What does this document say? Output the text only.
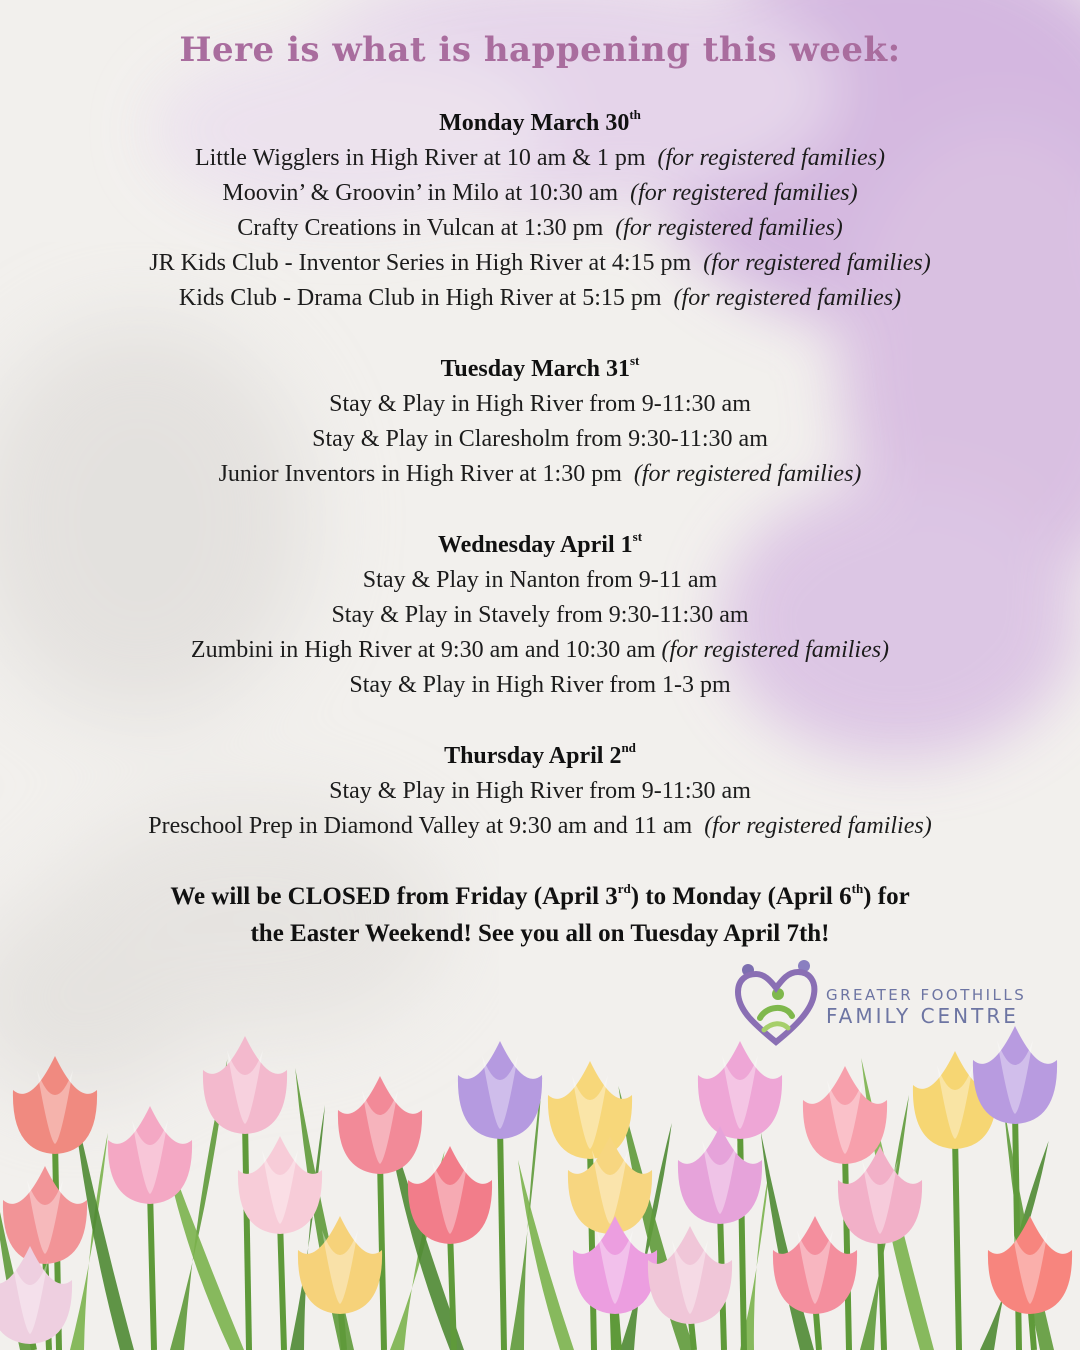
Here is what is happening this week:
Monday March 30th
Little Wigglers in High River at 10 am & 1 pm (for registered families)
Moovin’ & Groovin’ in Milo at 10:30 am (for registered families)
Crafty Creations in Vulcan at 1:30 pm (for registered families)
JR Kids Club - Inventor Series in High River at 4:15 pm (for registered families)
Kids Club - Drama Club in High River at 5:15 pm (for registered families)
Tuesday March 31st
Stay & Play in High River from 9-11:30 am
Stay & Play in Claresholm from 9:30-11:30 am
Junior Inventors in High River at 1:30 pm (for registered families)
Wednesday April 1st
Stay & Play in Nanton from 9-11 am
Stay & Play in Stavely from 9:30-11:30 am
Zumbini in High River at 9:30 am and 10:30 am (for registered families)
Stay & Play in High River from 1-3 pm
Thursday April 2nd
Stay & Play in High River from 9-11:30 am
Preschool Prep in Diamond Valley at 9:30 am and 11 am (for registered families)
We will be CLOSED from Friday (April 3rd) to Monday (April 6th) for
the Easter Weekend! See you all on Tuesday April 7th!
GREATER FOOTHILLS
FAMILY CENTRE
